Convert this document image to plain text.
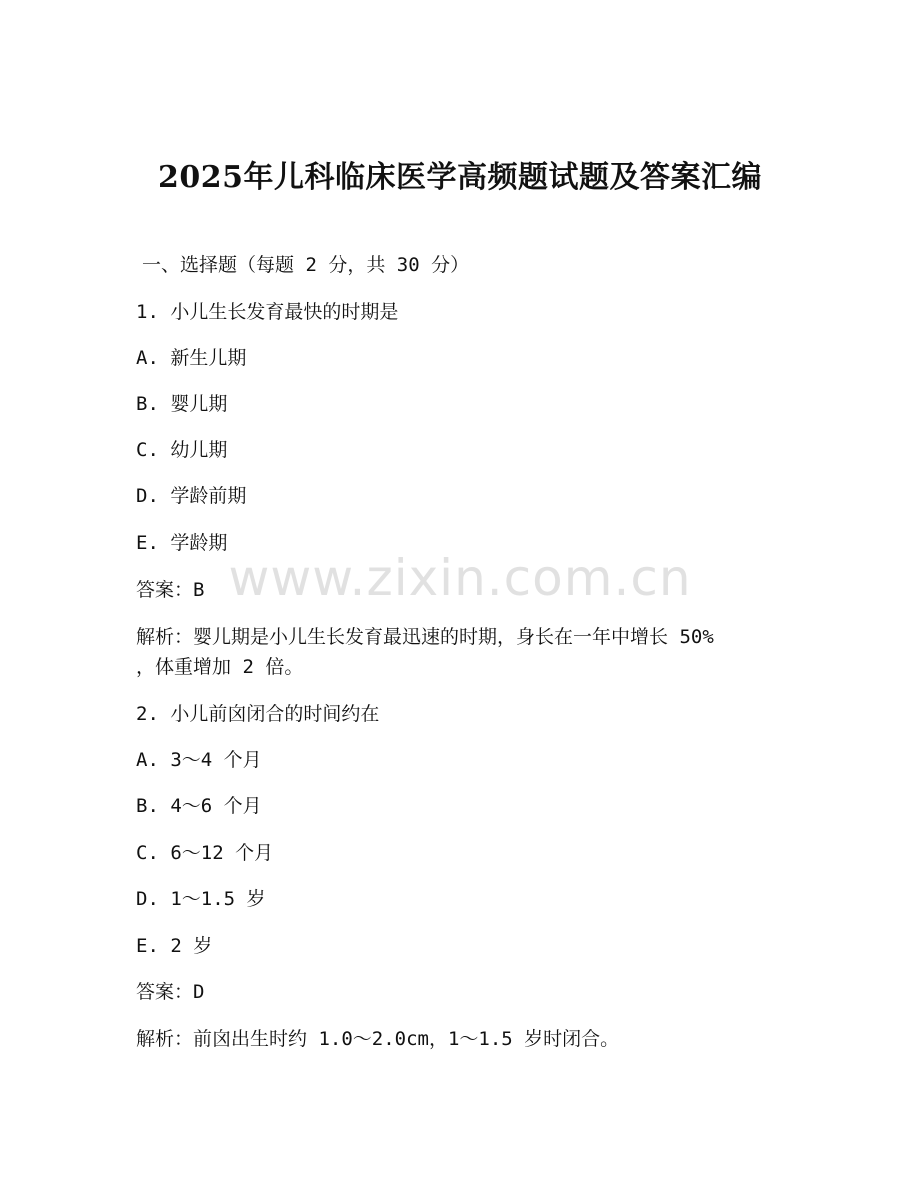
2025年儿科临床医学高频题试题及答案汇编
一、选择题（每题 2 分，共 30 分）
1. 小儿生长发育最快的时期是
A. 新生儿期
B. 婴儿期
C. 幼儿期
D. 学龄前期
E. 学龄期
答案：B
解析：婴儿期是小儿生长发育最迅速的时期，身长在一年中增长 50%
，体重增加 2 倍。
2. 小儿前囟闭合的时间约在
A. 3～4 个月
B. 4～6 个月
C. 6～12 个月
D. 1～1.5 岁
E. 2 岁
答案：D
解析：前囟出生时约 1.0～2.0cm，1～1.5 岁时闭合。
www.zixin.com.cn
